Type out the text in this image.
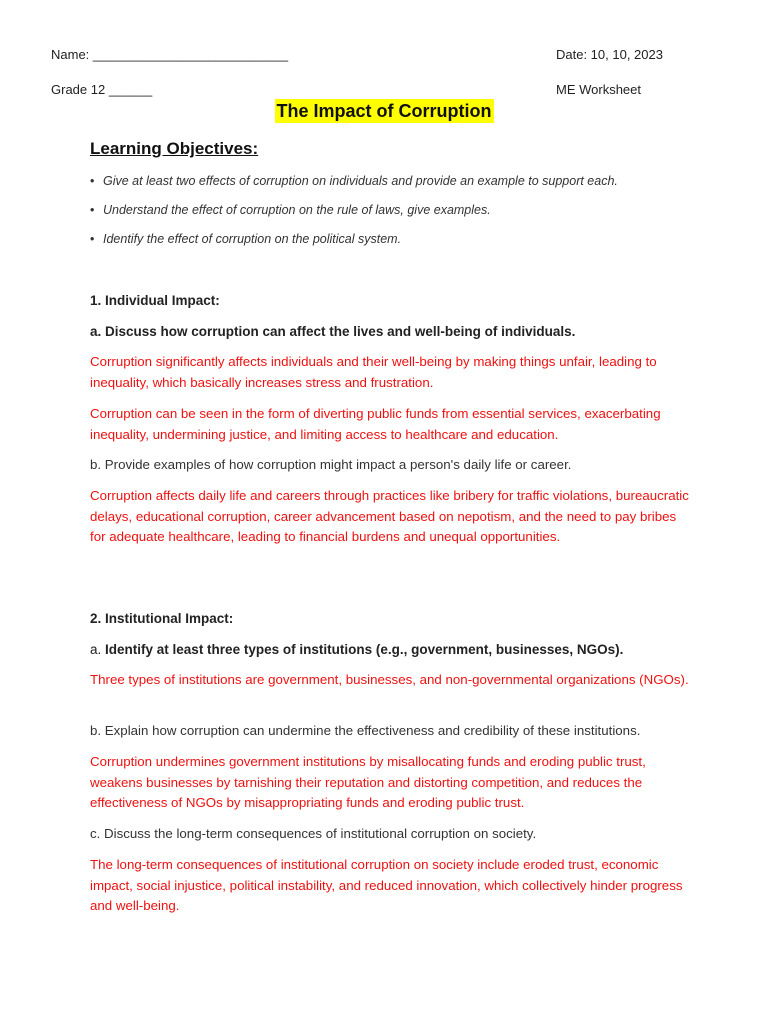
Name: ___________________________	Date: 10, 10, 2023
Grade 12 ______	ME Worksheet
The Impact of Corruption
Learning Objectives:
• Give at least two effects of corruption on individuals and provide an example to support each.
• Understand the effect of corruption on the rule of laws, give examples.
• Identify the effect of corruption on the political system.
1. Individual Impact:
a. Discuss how corruption can affect the lives and well-being of individuals.
Corruption significantly affects individuals and their well-being by making things unfair, leading to inequality, which basically increases stress and frustration.
Corruption can be seen in the form of diverting public funds from essential services, exacerbating inequality, undermining justice, and limiting access to healthcare and education.
b. Provide examples of how corruption might impact a person's daily life or career.
Corruption affects daily life and careers through practices like bribery for traffic violations, bureaucratic delays, educational corruption, career advancement based on nepotism, and the need to pay bribes for adequate healthcare, leading to financial burdens and unequal opportunities.
2. Institutional Impact:
a. Identify at least three types of institutions (e.g., government, businesses, NGOs).
Three types of institutions are government, businesses, and non-governmental organizations (NGOs).
b. Explain how corruption can undermine the effectiveness and credibility of these institutions.
Corruption undermines government institutions by misallocating funds and eroding public trust, weakens businesses by tarnishing their reputation and distorting competition, and reduces the effectiveness of NGOs by misappropriating funds and eroding public trust.
c. Discuss the long-term consequences of institutional corruption on society.
The long-term consequences of institutional corruption on society include eroded trust, economic impact, social injustice, political instability, and reduced innovation, which collectively hinder progress and well-being.
